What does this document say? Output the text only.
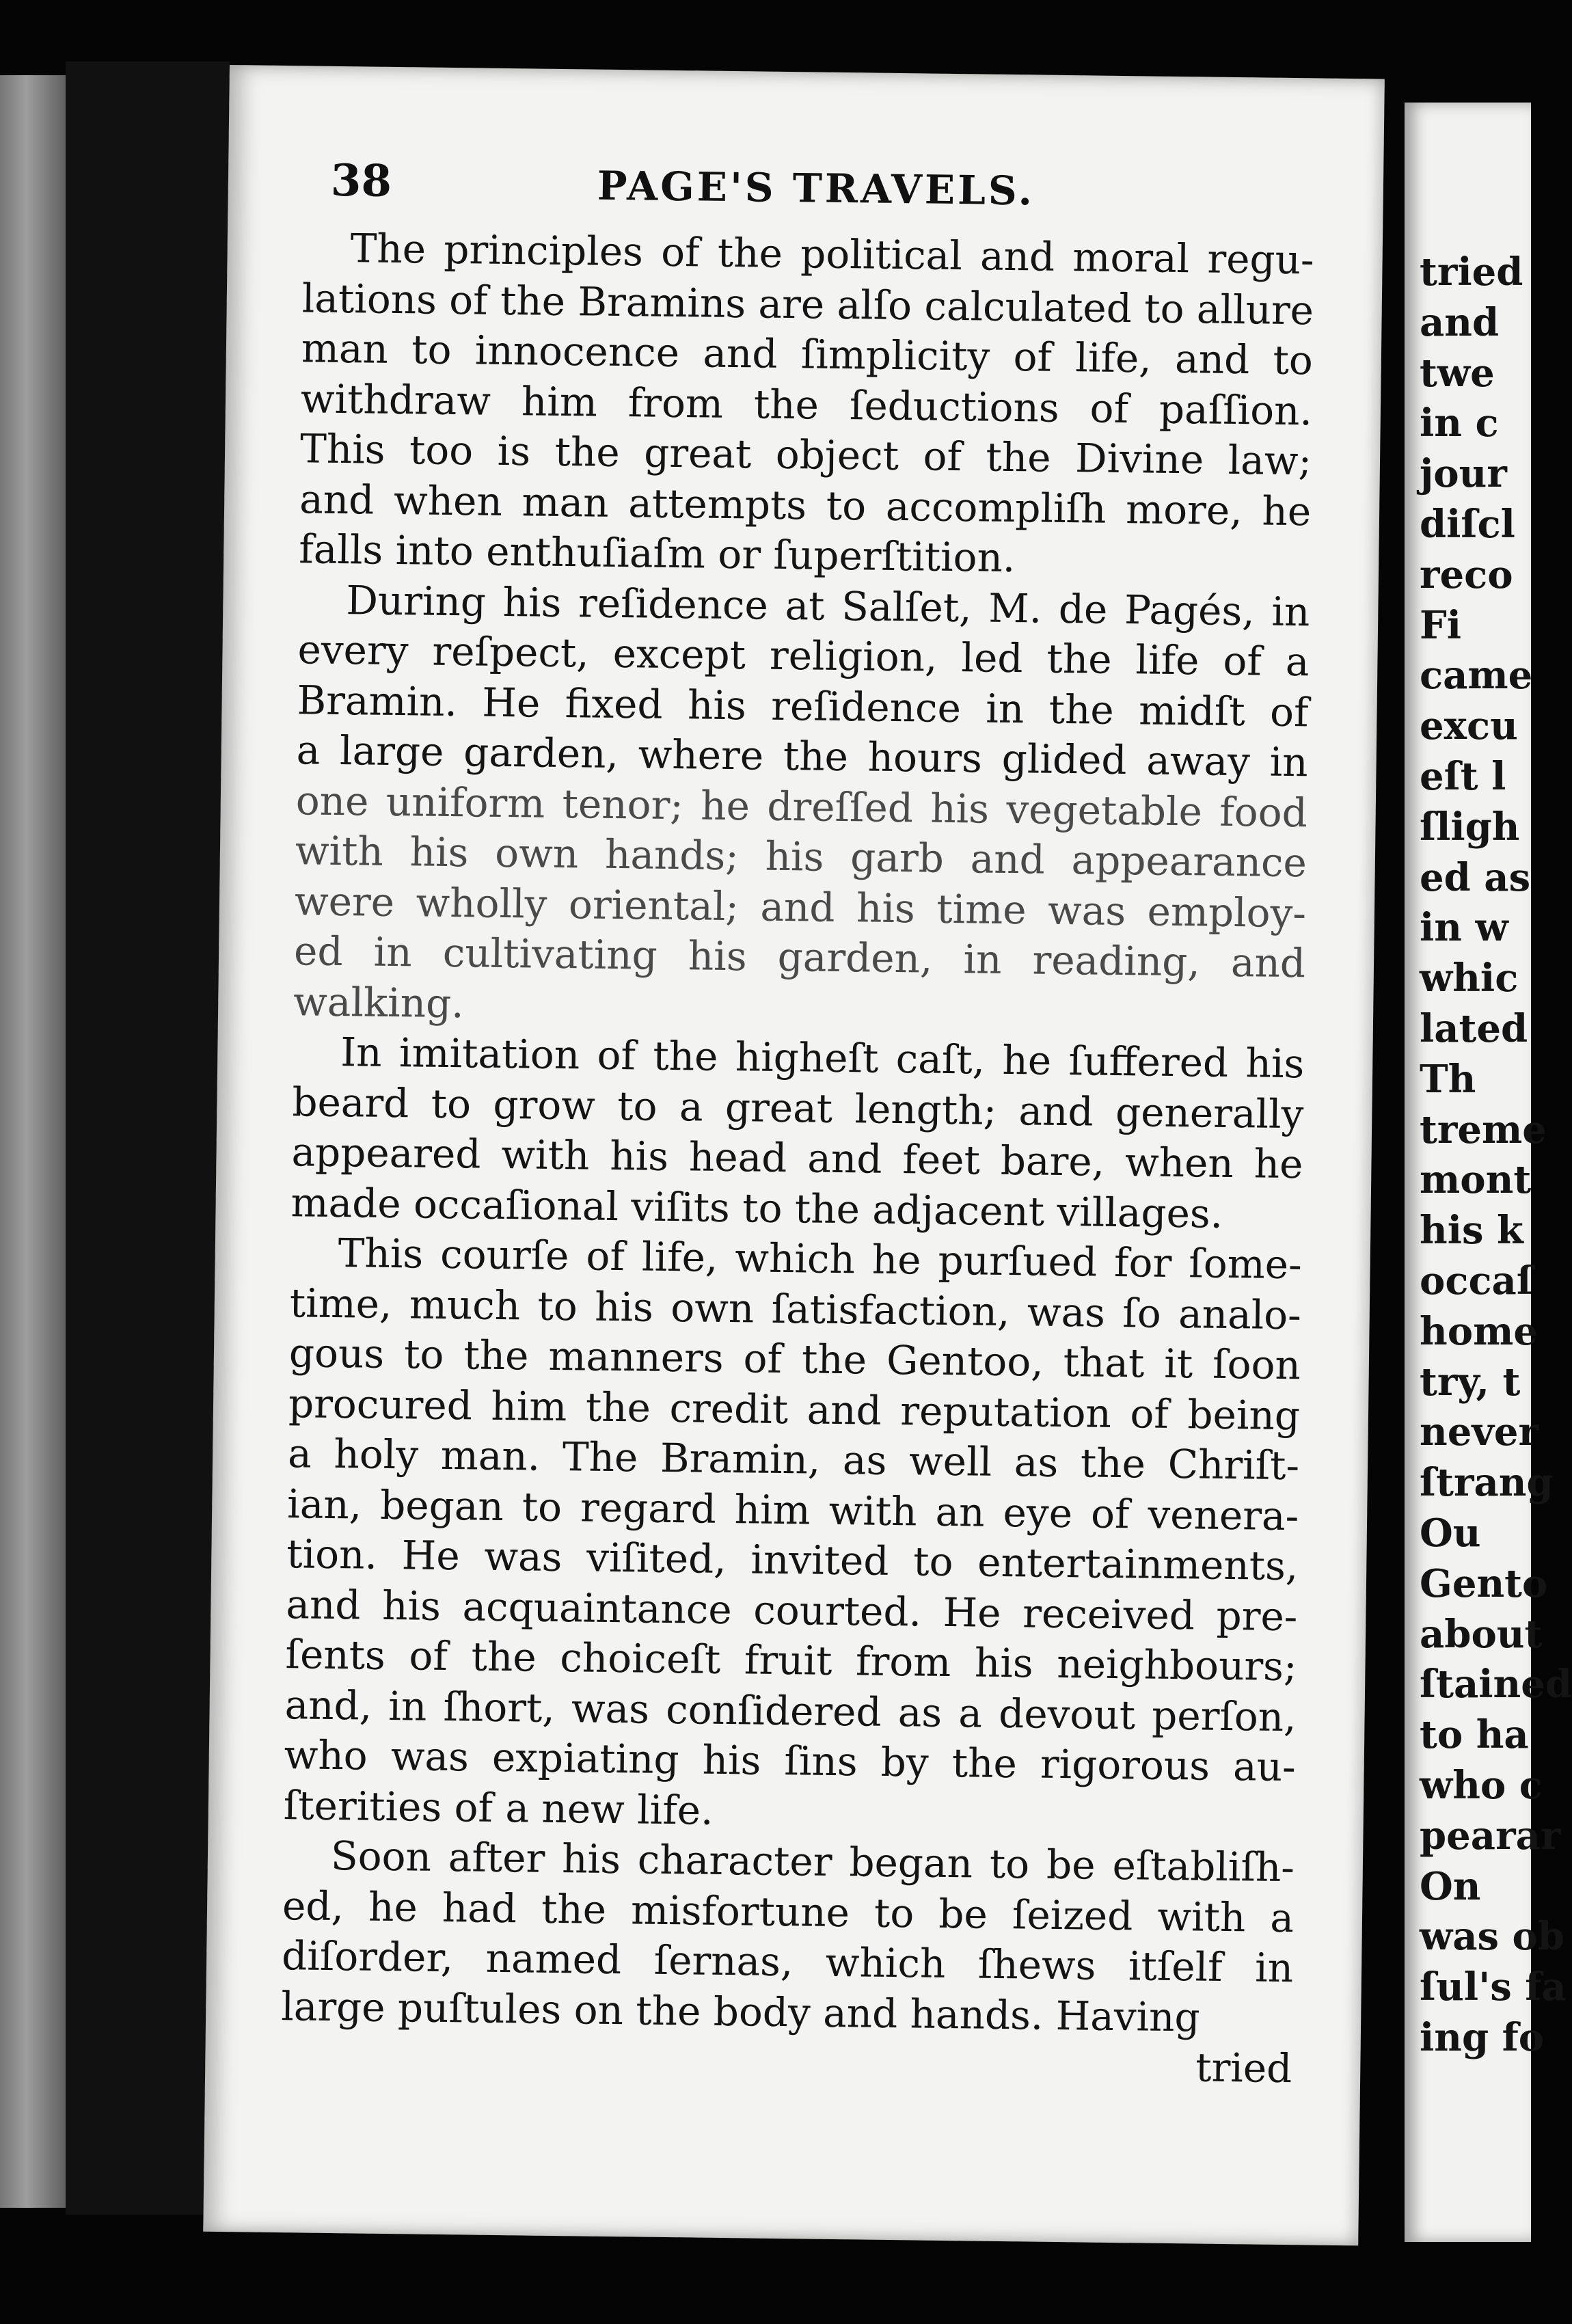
38	PAGE'S TRAVELS.
The principles of the political and moral regu-
lations of the Bramins are alſo calculated to allure
man to innocence and ſimplicity of life, and to
withdraw him from the ſeductions of paſſion.
This too is the great object of the Divine law;
and when man attempts to accompliſh more, he
falls into enthuſiaſm or ſuperſtition.
During his reſidence at Salſet, M. de Pagés, in
every reſpect, except religion, led the life of a
Bramin. He fixed his reſidence in the midſt of
a large garden, where the hours glided away in
one uniform tenor; he dreſſed his vegetable food
with his own hands; his garb and appearance
were wholly oriental; and his time was employ-
ed in cultivating his garden, in reading, and
walking.
In imitation of the higheſt caſt, he ſuffered his
beard to grow to a great length; and generally
appeared with his head and feet bare, when he
made occaſional viſits to the adjacent villages.
This courſe of life, which he purſued for ſome-
time, much to his own ſatisfaction, was ſo analo-
gous to the manners of the Gentoo, that it ſoon
procured him the credit and reputation of being
a holy man. The Bramin, as well as the Chriſt-
ian, began to regard him with an eye of venera-
tion. He was viſited, invited to entertainments,
and his acquaintance courted. He received pre-
ſents of the choiceſt fruit from his neighbours;
and, in ſhort, was conſidered as a devout perſon,
who was expiating his ſins by the rigorous au-
ſterities of a new life.
Soon after his character began to be eſtabliſh-
ed, he had the misfortune to be ſeized with a
diſorder, named ſernas, which ſhews itſelf in
large puſtules on the body and hands. Having
tried
tried
and
twe
in c
jour
diſcl
reco
Fi
came
excu
eſt l
ſligh
ed as
in w
whic
lated
Th
treme
mont
his k
occaſ
home
try, t
never
ſtrang
Ou
Gento
about
ſtained
to ha
who c
pearar
On
was ob
ſul's fa
ing fo
